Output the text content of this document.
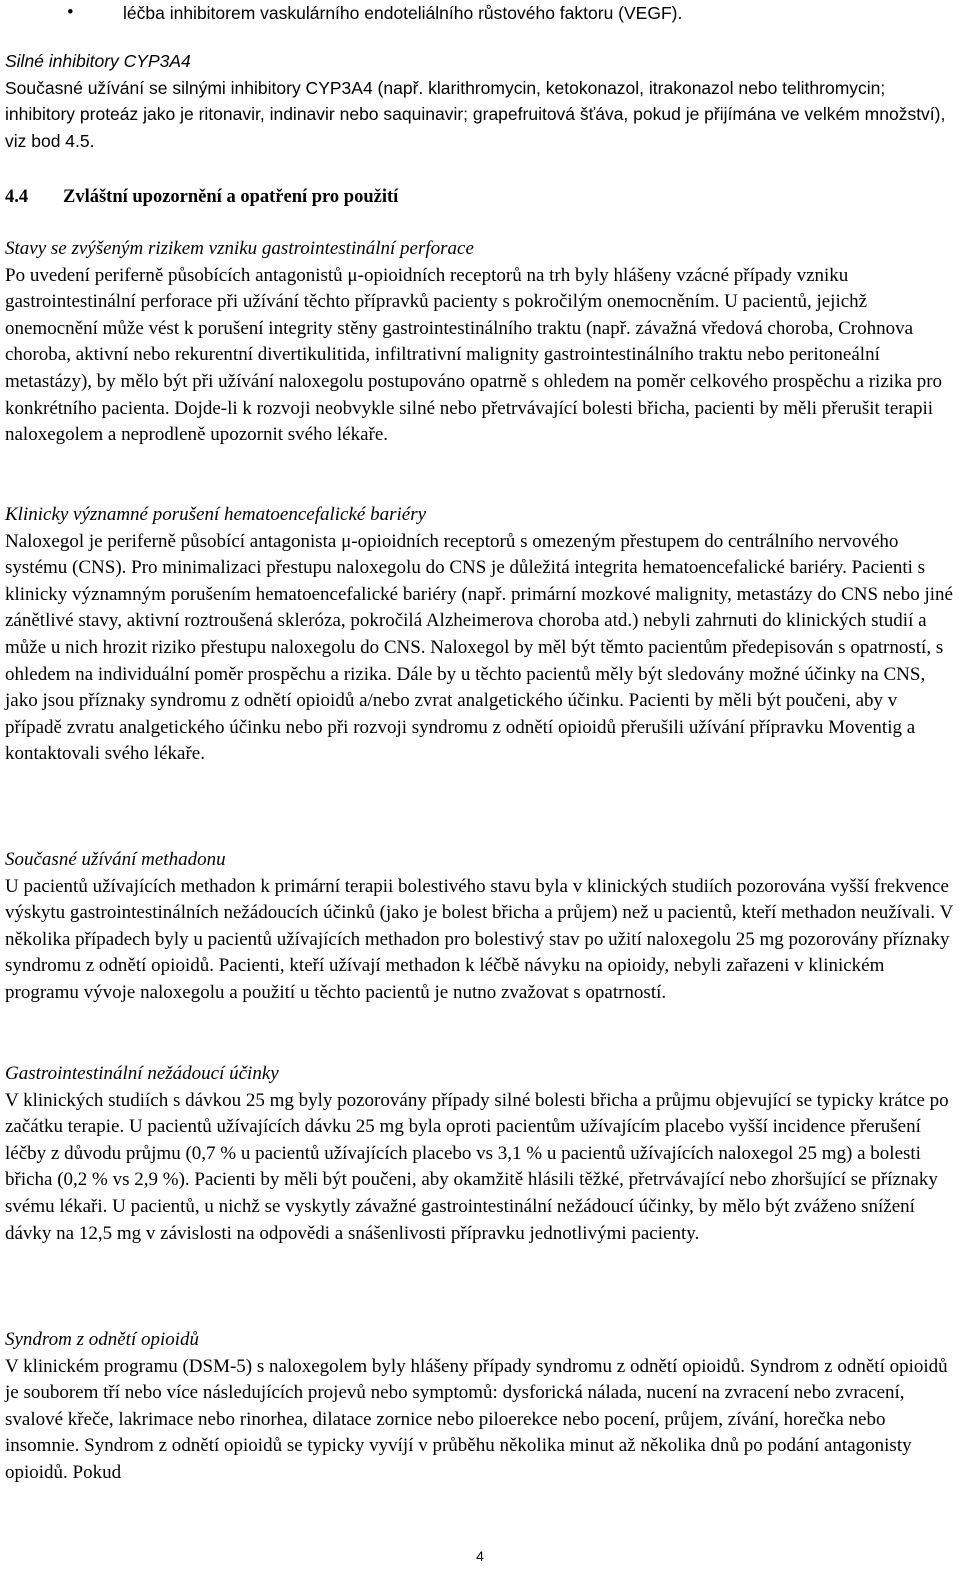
•	léčba inhibitorem vaskulárního endoteliálního růstového faktoru (VEGF).

Silné inhibitory CYP3A4

Současné užívání se silnými inhibitory CYP3A4 (např. klarithromycin, ketokonazol, itrakonazol nebo telithromycin; inhibitory proteáz jako je ritonavir, indinavir nebo saquinavir; grapefruitová šťáva, pokud je přijímána ve velkém množství), viz bod 4.5.

4.4 Zvláštní upozornění a opatření pro použití

Stavy se zvýšeným rizikem vzniku gastrointestinální perforace

Po uvedení periferně působících antagonistů μ-opioidních receptorů na trh byly hlášeny vzácné případy vzniku gastrointestinální perforace při užívání těchto přípravků pacienty s pokročilým onemocněním. U pacientů, jejichž onemocnění může vést k porušení integrity stěny gastrointestinálního traktu (např. závažná vředová choroba, Crohnova choroba, aktivní nebo rekurentní divertikulitida, infiltrativní malignity gastrointestinálního traktu nebo peritoneální metastázy), by mělo být při užívání naloxegolu postupováno opatrně s ohledem na poměr celkového prospěchu a rizika pro konkrétního pacienta. Dojde-li k rozvoji neobvykle silné nebo přetrvávající bolesti břicha, pacienti by měli přerušit terapii naloxegolem a neprodleně upozornit svého lékaře.

Klinicky významné porušení hematoencefalické bariéry

Naloxegol je periferně působící antagonista μ-opioidních receptorů s omezeným přestupem do centrálního nervového systému (CNS). Pro minimalizaci přestupu naloxegolu do CNS je důležitá integrita hematoencefalické bariéry. Pacienti s klinicky významným porušením hematoencefalické bariéry (např. primární mozkové malignity, metastázy do CNS nebo jiné zánětlivé stavy, aktivní roztroušená skleróza, pokročilá Alzheimerova choroba atd.) nebyli zahrnuti do klinických studií a může u nich hrozit riziko přestupu naloxegolu do CNS. Naloxegol by měl být těmto pacientům předepisován s opatrností, s ohledem na individuální poměr prospěchu a rizika. Dále by u těchto pacientů měly být sledovány možné účinky na CNS, jako jsou příznaky syndromu z odnětí opioidů a/nebo zvrat analgetického účinku. Pacienti by měli být poučeni, aby v případě zvratu analgetického účinku nebo při rozvoji syndromu z odnětí opioidů přerušili užívání přípravku Moventig a kontaktovali svého lékaře.

Současné užívání methadonu

U pacientů užívajících methadon k primární terapii bolestivého stavu byla v klinických studiích pozorována vyšší frekvence výskytu gastrointestinálních nežádoucích účinků (jako je bolest břicha a průjem) než u pacientů, kteří methadon neužívali. V několika případech byly u pacientů užívajících methadon pro bolestivý stav po užití naloxegolu 25 mg pozorovány příznaky syndromu z odnětí opioidů. Pacienti, kteří užívají methadon k léčbě návyku na opioidy, nebyli zařazeni v klinickém programu vývoje naloxegolu a použití u těchto pacientů je nutno zvažovat s opatrností.

Gastrointestinální nežádoucí účinky

V klinických studiích s dávkou 25 mg byly pozorovány případy silné bolesti břicha a průjmu objevující se typicky krátce po začátku terapie. U pacientů užívajících dávku 25 mg byla oproti pacientům užívajícím placebo vyšší incidence přerušení léčby z důvodu průjmu (0,7 % u pacientů užívajících placebo vs 3,1 % u pacientů užívajících naloxegol 25 mg) a bolesti břicha (0,2 % vs 2,9 %). Pacienti by měli být poučeni, aby okamžitě hlásili těžké, přetrvávající nebo zhoršující se příznaky svému lékaři. U pacientů, u nichž se vyskytly závažné gastrointestinální nežádoucí účinky, by mělo být zváženo snížení dávky na 12,5 mg v závislosti na odpovědi a snášenlivosti přípravku jednotlivými pacienty.

Syndrom z odnětí opioidů

V klinickém programu (DSM-5) s naloxegolem byly hlášeny případy syndromu z odnětí opioidů. Syndrom z odnětí opioidů je souborem tří nebo více následujících projevů nebo symptomů: dysforická nálada, nucení na zvracení nebo zvracení, svalové křeče, lakrimace nebo rinorhea, dilatace zornice nebo piloerekce nebo pocení, průjem, zívání, horečka nebo insomnie. Syndrom z odnětí opioidů se typicky vyvíjí v průběhu několika minut až několika dnů po podání antagonisty opioidů. Pokud

4
